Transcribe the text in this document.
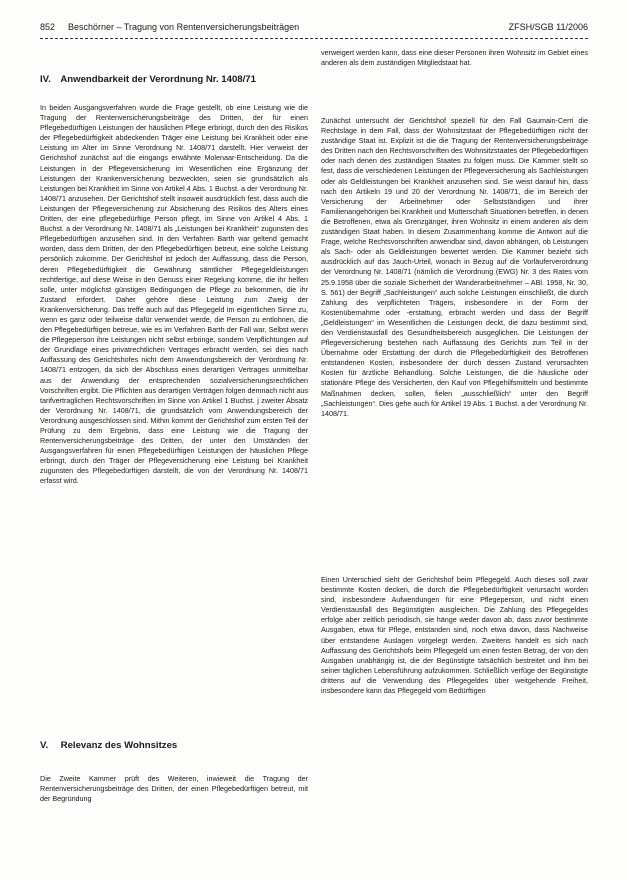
852 Beschörner – Tragung von Rentenversicherungsbeiträgen	ZFSH/SGB 11/2006
IV. Anwendbarkeit der Verordnung Nr. 1408/71

In beiden Ausgangsverfahren wurde die Frage gestellt, ob eine Leistung wie die Tragung der Rentenversicherungsbeiträge des Dritten, der für einen Pflegebedürftigen Leistungen der häuslichen Pflege erbringt, durch den des Risikos der Pflegebedürftigkeit abdeckenden Träger eine Leistung bei Krankheit oder eine Leistung im Alter im Sinne Verordnung Nr. 1408/71 darstellt. Hier verweist der Gerichtshof zunächst auf die eingangs erwähnte Molenaar-Entscheidung. Da die Leistungen in der Pflegeversicherung im Wesentlichen eine Ergänzung der Leistungen der Krankenversicherung bezweckten, seien sie grundsätzlich als Leistungen bei Krankheit im Sinne von Artikel 4 Abs. 1 Buchst. a der Verordnung Nr. 1408/71 anzusehen. Der Gerichtshof stellt insoweit ausdrücklich fest, dass auch die Leistungen der Pflegeversicherung zur Absicherung des Risikos des Alters eines Dritten, der eine pflegebedürftige Person pflegt, im Sinne von Artikel 4 Abs. 1 Buchst. a der Verordnung Nr. 1408/71 als „Leistungen bei Krankheit“ zugunsten des Pflegebedürftigen anzusehen sind. In den Verfahren Barth war geltend gemacht worden, dass dem Dritten, der den Pflegebedürftigen betreut, eine solche Leistung persönlich zukomme. Der Gerichtshof ist jedoch der Auffassung, dass die Person, deren Pflegebedürftigkeit die Gewährung sämtlicher Pflegegeldleistungen rechtfertige, auf diese Weise in den Genuss einer Regelung komme, die ihr helfen solle, unter möglichst günstigen Bedingungen die Pflege zu bekommen, die ihr Zustand erfordert. Daher gehöre diese Leistung zum Zweig der Krankenversicherung. Das treffe auch auf das Pflegegeld im eigentlichen Sinne zu, wenn es ganz oder teilweise dafür verwendet werde, die Person zu entlohnen, die den Pflegebedürftigen betreue, wie es im Verfahren Barth der Fall war. Selbst wenn die Pflegeperson ihre Leistungen nicht selbst erbringe, sondern Verpflichtungen auf der Grundlage eines privatrechtlichen Vertrages erbracht werden, sei dies nach Auffassung des Gerichtshofes nicht dem Anwendungsbereich der Verordnung Nr. 1408/71 entzogen, da sich der Abschluss eines derartigen Vertrages unmittelbar aus der Anwendung der entsprechenden sozialversicherungsrechtlichen Vorschriften ergibt. Die Pflichten aus derartigen Verträgen folgen demnach nicht aus tarifvertraglichen Rechtsvorschriften im Sinne von Artikel 1 Buchst. j zweiter Absatz der Verordnung Nr. 1408/71, die grundsätzlich vom Anwendungsbereich der Verordnung ausgeschlossen sind. Mithin kommt der Gerichtshof zum ersten Teil der Prüfung zu dem Ergebnis, dass eine Leistung wie die Tragung der Rentenversicherungsbeiträge des Dritten, der unter den Umständen der Ausgangsverfahren für einen Pflegebedürftigen Leistungen der häuslichen Pflege erbringt, durch den Träger der Pflegeversicherung eine Leistung bei Krankheit zugunsten des Pflegebedürftigen darstellt, die von der Verordnung Nr. 1408/71 erfasst wird.

V. Relevanz des Wohnsitzes

Die Zweite Kammer prüft des Weiteren, inwieweit die Tragung der Rentenversicherungsbeiträge des Dritten, der einen Pflegebedürftigen betreut, mit der Begründung

verweigert werden kann, dass eine dieser Personen ihren Wohnsitz im Gebiet eines anderen als dem zuständigen Mitgliedstaat hat.

Zunächst untersucht der Gerichtshof speziell für den Fall Gaumain-Cerri die Rechtslage in dem Fall, dass der Wohnsitzstaat der Pflegebedürftigen nicht der zuständige Staat ist. Explizit ist die die Tragung der Rentenversicherungsbeiträge des Dritten nach den Rechtsvorschriften des Wohnsitzstaates der Pflegebedürftigen oder nach denen des zuständigen Staates zu folgen muss. Die Kammer stellt so fest, dass die verschiedenen Leistungen der Pflegeversicherung als Sachleistungen oder als Geldleistungen bei Krankheit anzusehen sind. Sie weist darauf hin, dass nach den Artikeln 19 und 20 der Verordnung Nr. 1408/71, die im Bereich der Versicherung der Arbeitnehmer oder Selbstständigen und ihrer Familienangehörigen bei Krankheit und Mutterschaft Situationen betreffen, in denen die Betroffenen, etwa als Grenzgänger, ihren Wohnsitz in einem anderen als dem zuständigen Staat haben. In diesem Zusammenhang komme die Antwort auf die Frage, welche Rechtsvorschriften anwendbar sind, davon abhängen, ob Leistungen als Sach- oder als Geldleistungen bewertet werden. Die Kammer bezieht sich ausdrücklich auf das Jauch-Urteil, wonach in Bezug auf die Vorläuferverordnung der Verordnung Nr. 1408/71 (nämlich die Verordnung (EWG) Nr. 3 des Rates vom 25.9.1958 über die soziale Sicherheit der Wanderarbeitnehmer – ABl. 1958, Nr. 30, S. 561) der Begriff „Sachleistungen“ auch solche Leistungen einschließt, die durch Zahlung des verpflichteten Trägers, insbesondere in der Form der Kostenübernahme oder -erstattung, erbracht werden und dass der Begriff „Geldleistungen“ im Wesentlichen die Leistungen deckt, die dazu bestimmt sind, den Verdienstausfall des Gesundheitsbereich ausgeglichen. Die Leistungen der Pflegeversicherung bestehen nach Auffassung des Gerichts zum Teil in der Übernahme oder Erstattung der durch die Pflegebedürftigkeit des Betroffenen entstandenen Kosten, insbesondere der durch dessen Zustand verursachten Kosten für ärztliche Behandlung. Solche Leistungen, die die häusliche oder stationäre Pflege des Versicherten, den Kauf von Pflegehilfsmitteln und bestimmte Maßnahmen decken, sollen, fielen „ausschließlich“ unter den Begriff „Sachleistungen“. Dies gehe auch für Artikel 19 Abs. 1 Buchst. a der Verordnung Nr. 1408/71.

Einen Unterschied sieht der Gerichtshof beim Pflegegeld. Auch dieses soll zwar bestimmte Kosten decken, die durch die Pflegebedürftigkeit verursacht worden sind, insbesondere Aufwendungen für eine Pflegeperson, und nicht einen Verdienstausfall des Begünstigten ausgleichen. Die Zahlung des Pflegegeldes erfolge aber zeitlich periodisch, sie hänge weder davon ab, dass zuvor bestimmte Ausgaben, etwa für Pflege, entstanden sind, noch etwa davon, dass Nachweise über entstandene Auslagen vorgelegt werden. Zweitens handelt es sich nach Auffassung des Gerichtshofs beim Pflegegeld um einen festen Betrag, der von den Ausgaben unabhängig ist, die der Begünstigte tatsächlich bestreitet und ihm bei seiner täglichen Lebensführung aufzukommen. Schließlich verfüge der Begünstigte drittens auf die Verwendung des Pflegegeldes über weitgehende Freiheit, insbesondere kann das Pflegegeld vom Bedürftigen
